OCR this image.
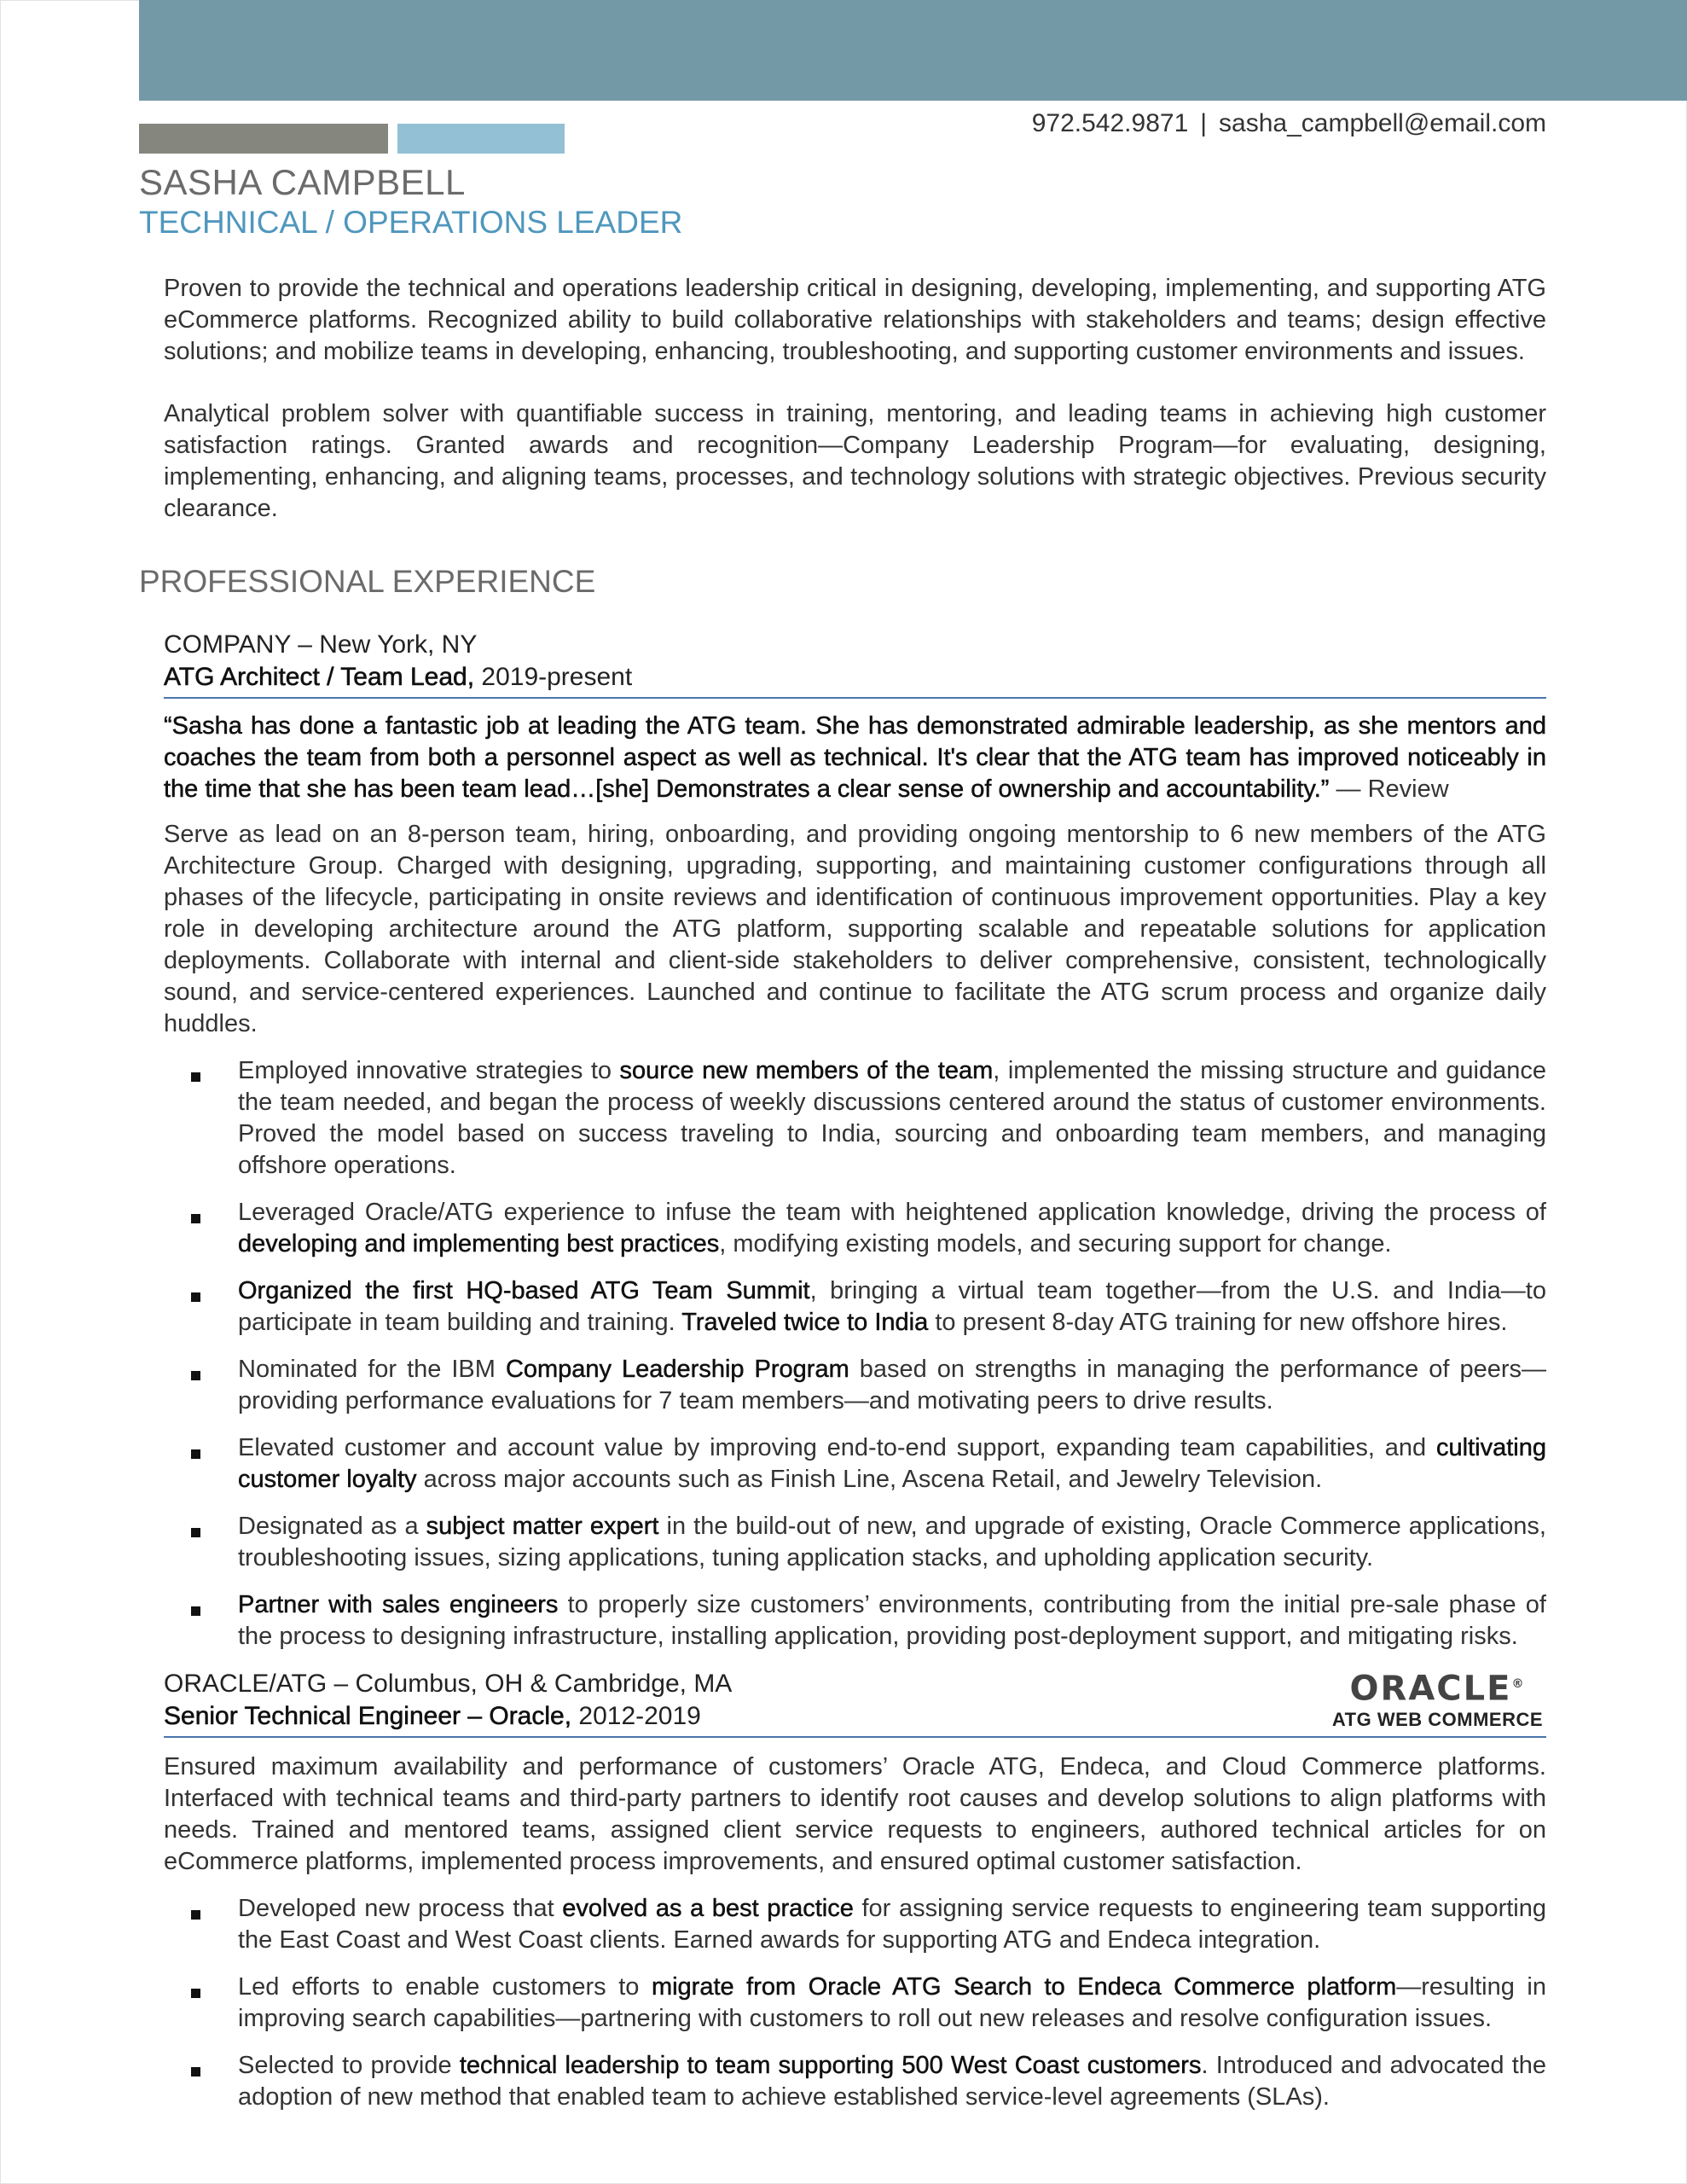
972.542.9871 | sasha_campbell@email.com
SASHA CAMPBELL
TECHNICAL / OPERATIONS LEADER

Proven to provide the technical and operations leadership critical in designing, developing, implementing, and supporting ATG eCommerce platforms. Recognized ability to build collaborative relationships with stakeholders and teams; design effective solutions; and mobilize teams in developing, enhancing, troubleshooting, and supporting customer environments and issues.

Analytical problem solver with quantifiable success in training, mentoring, and leading teams in achieving high customer satisfaction ratings. Granted awards and recognition—Company Leadership Program—for evaluating, designing, implementing, enhancing, and aligning teams, processes, and technology solutions with strategic objectives. Previous security clearance.

PROFESSIONAL EXPERIENCE
COMPANY – New York, NY
ATG Architect / Team Lead, 2019-present
“Sasha has done a fantastic job at leading the ATG team. She has demonstrated admirable leadership, as she mentors and coaches the team from both a personnel aspect as well as technical. It's clear that the ATG team has improved noticeably in the time that she has been team lead…[she] Demonstrates a clear sense of ownership and accountability.” — Review

Serve as lead on an 8-person team, hiring, onboarding, and providing ongoing mentorship to 6 new members of the ATG Architecture Group. Charged with designing, upgrading, supporting, and maintaining customer configurations through all phases of the lifecycle, participating in onsite reviews and identification of continuous improvement opportunities. Play a key role in developing architecture around the ATG platform, supporting scalable and repeatable solutions for application deployments. Collaborate with internal and client-side stakeholders to deliver comprehensive, consistent, technologically sound, and service-centered experiences. Launched and continue to facilitate the ATG scrum process and organize daily huddles.

Employed innovative strategies to source new members of the team, implemented the missing structure and guidance the team needed, and began the process of weekly discussions centered around the status of customer environments. Proved the model based on success traveling to India, sourcing and onboarding team members, and managing offshore operations.
Leveraged Oracle/ATG experience to infuse the team with heightened application knowledge, driving the process of developing and implementing best practices, modifying existing models, and securing support for change.
Organized the first HQ-based ATG Team Summit, bringing a virtual team together—from the U.S. and India—to participate in team building and training. Traveled twice to India to present 8-day ATG training for new offshore hires.
Nominated for the IBM Company Leadership Program based on strengths in managing the performance of peers—providing performance evaluations for 7 team members—and motivating peers to drive results.
Elevated customer and account value by improving end-to-end support, expanding team capabilities, and cultivating customer loyalty across major accounts such as Finish Line, Ascena Retail, and Jewelry Television.
Designated as a subject matter expert in the build-out of new, and upgrade of existing, Oracle Commerce applications, troubleshooting issues, sizing applications, tuning application stacks, and upholding application security.
Partner with sales engineers to properly size customers’ environments, contributing from the initial pre-sale phase of the process to designing infrastructure, installing application, providing post-deployment support, and mitigating risks.
ORACLE/ATG – Columbus, OH & Cambridge, MA
Senior Technical Engineer – Oracle, 2012-2019
ORACLE®
ATG WEB COMMERCE

Ensured maximum availability and performance of customers’ Oracle ATG, Endeca, and Cloud Commerce platforms. Interfaced with technical teams and third-party partners to identify root causes and develop solutions to align platforms with needs. Trained and mentored teams, assigned client service requests to engineers, authored technical articles for on eCommerce platforms, implemented process improvements, and ensured optimal customer satisfaction.

Developed new process that evolved as a best practice for assigning service requests to engineering team supporting the East Coast and West Coast clients. Earned awards for supporting ATG and Endeca integration.
Led efforts to enable customers to migrate from Oracle ATG Search to Endeca Commerce platform—resulting in improving search capabilities—partnering with customers to roll out new releases and resolve configuration issues.
Selected to provide technical leadership to team supporting 500 West Coast customers. Introduced and advocated the adoption of new method that enabled team to achieve established service-level agreements (SLAs).
